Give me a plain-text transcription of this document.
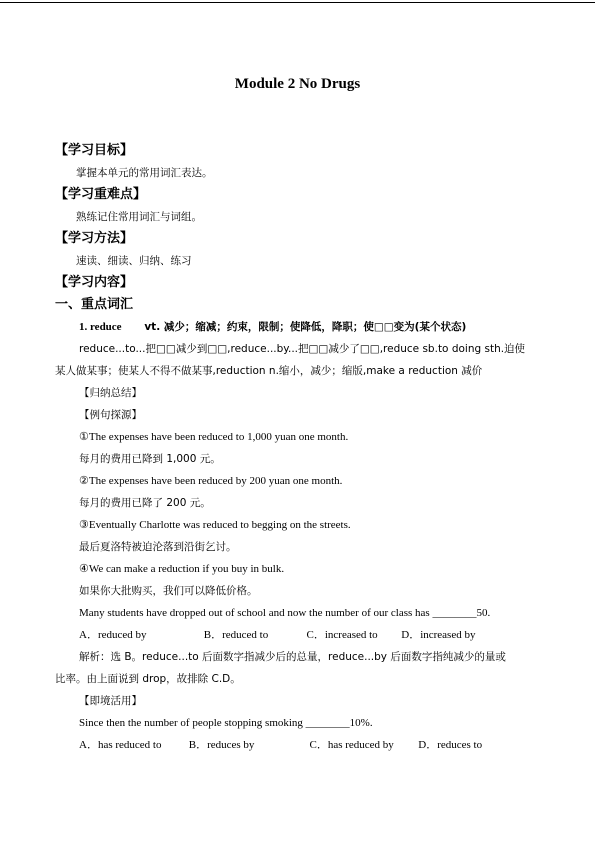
Module 2 No Drugs
【学习目标】
掌握本单元的常用词汇表达。
【学习重难点】
熟练记住常用词汇与词组。
【学习方法】
速读、细读、归纳、练习
【学习内容】
一、重点词汇
1. reduce vt. 减少；缩减；约束，限制；使降低，降职；使□□变为(某个状态)
reduce...to...把□□减少到□□,reduce...by...把□□减少了□□,reduce sb.to doing sth.迫使
某人做某事；使某人不得不做某事,reduction n.缩小，减少；缩版,make a reduction 减价
【归纳总结】
【例句探源】
①The expenses have been reduced to 1,000 yuan one month.
每月的费用已降到 1,000 元。
②The expenses have been reduced by 200 yuan one month.
每月的费用已降了 200 元。
③Eventually Charlotte was reduced to begging on the streets.
最后夏洛特被迫沦落到沿街乞讨。
④We can make a reduction if you buy in bulk.
如果你大批购买，我们可以降低价格。
Many students have dropped out of school and now the number of our class has ________50.
A．reduced by	B．reduced to	C．increased to D．increased by
解析：选 B。reduce...to 后面数字指减少后的总量，reduce...by 后面数字指纯减少的量或
比率。由上面说到 drop，故排除 C.D。
【即境活用】
Since then the number of people stopping smoking ________10%.
A．has reduced to B．reduces by	C．has reduced by D．reduces to
